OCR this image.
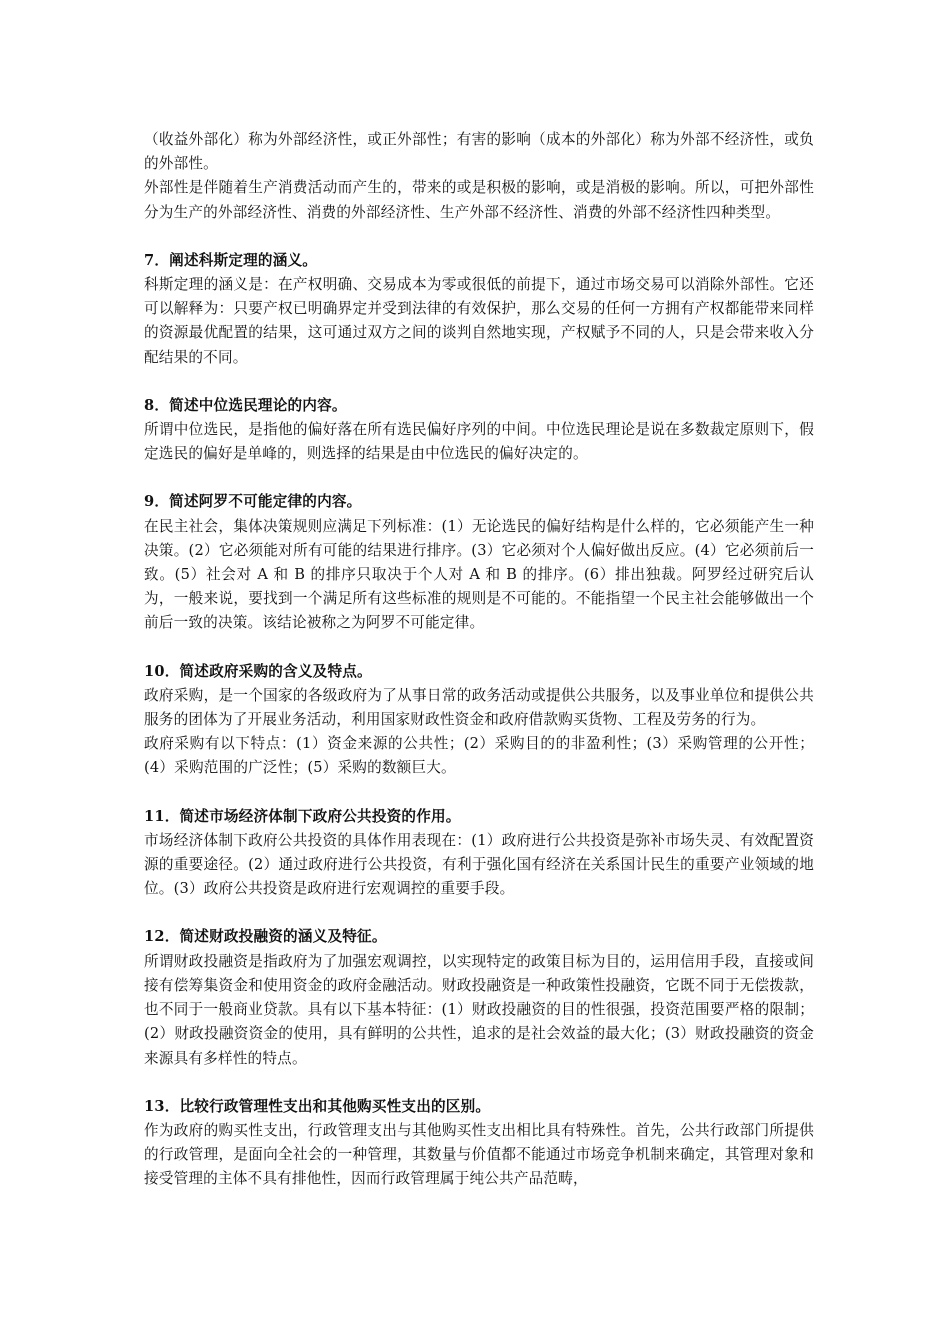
（收益外部化）称为外部经济性，或正外部性；有害的影响（成本的外部化）称为外部不经济性，或负的外部性。

外部性是伴随着生产消费活动而产生的，带来的或是积极的影响，或是消极的影响。所以，可把外部性分为生产的外部经济性、消费的外部经济性、生产外部不经济性、消费的外部不经济性四种类型。

7．阐述科斯定理的涵义。

科斯定理的涵义是：在产权明确、交易成本为零或很低的前提下，通过市场交易可以消除外部性。它还可以解释为：只要产权已明确界定并受到法律的有效保护，那么交易的任何一方拥有产权都能带来同样的资源最优配置的结果，这可通过双方之间的谈判自然地实现，产权赋予不同的人，只是会带来收入分配结果的不同。

8．简述中位选民理论的内容。

所谓中位选民，是指他的偏好落在所有选民偏好序列的中间。中位选民理论是说在多数裁定原则下，假定选民的偏好是单峰的，则选择的结果是由中位选民的偏好决定的。

9．简述阿罗不可能定律的内容。

在民主社会，集体决策规则应满足下列标准：(1）无论选民的偏好结构是什么样的，它必须能产生一种决策。(2）它必须能对所有可能的结果进行排序。(3）它必须对个人偏好做出反应。(4）它必须前后一致。(5）社会对 A 和 B 的排序只取决于个人对 A 和 B 的排序。(6）排出独裁。阿罗经过研究后认为，一般来说，要找到一个满足所有这些标准的规则是不可能的。不能指望一个民主社会能够做出一个前后一致的决策。该结论被称之为阿罗不可能定律。

10．简述政府采购的含义及特点。

政府采购，是一个国家的各级政府为了从事日常的政务活动或提供公共服务，以及事业单位和提供公共服务的团体为了开展业务活动，利用国家财政性资金和政府借款购买货物、工程及劳务的行为。

政府采购有以下特点：(1）资金来源的公共性；(2）采购目的的非盈利性；(3）采购管理的公开性；(4）采购范围的广泛性；(5）采购的数额巨大。

11．简述市场经济体制下政府公共投资的作用。

市场经济体制下政府公共投资的具体作用表现在：(1）政府进行公共投资是弥补市场失灵、有效配置资源的重要途径。(2）通过政府进行公共投资，有利于强化国有经济在关系国计民生的重要产业领域的地位。(3）政府公共投资是政府进行宏观调控的重要手段。

12．简述财政投融资的涵义及特征。

所谓财政投融资是指政府为了加强宏观调控，以实现特定的政策目标为目的，运用信用手段，直接或间接有偿筹集资金和使用资金的政府金融活动。财政投融资是一种政策性投融资，它既不同于无偿拨款，也不同于一般商业贷款。具有以下基本特征：(1）财政投融资的目的性很强，投资范围要严格的限制；(2）财政投融资资金的使用，具有鲜明的公共性，追求的是社会效益的最大化；(3）财政投融资的资金来源具有多样性的特点。

13．比较行政管理性支出和其他购买性支出的区别。

作为政府的购买性支出，行政管理支出与其他购买性支出相比具有特殊性。首先，公共行政部门所提供的行政管理，是面向全社会的一种管理，其数量与价值都不能通过市场竞争机制来确定，其管理对象和接受管理的主体不具有排他性，因而行政管理属于纯公共产品范畴，
